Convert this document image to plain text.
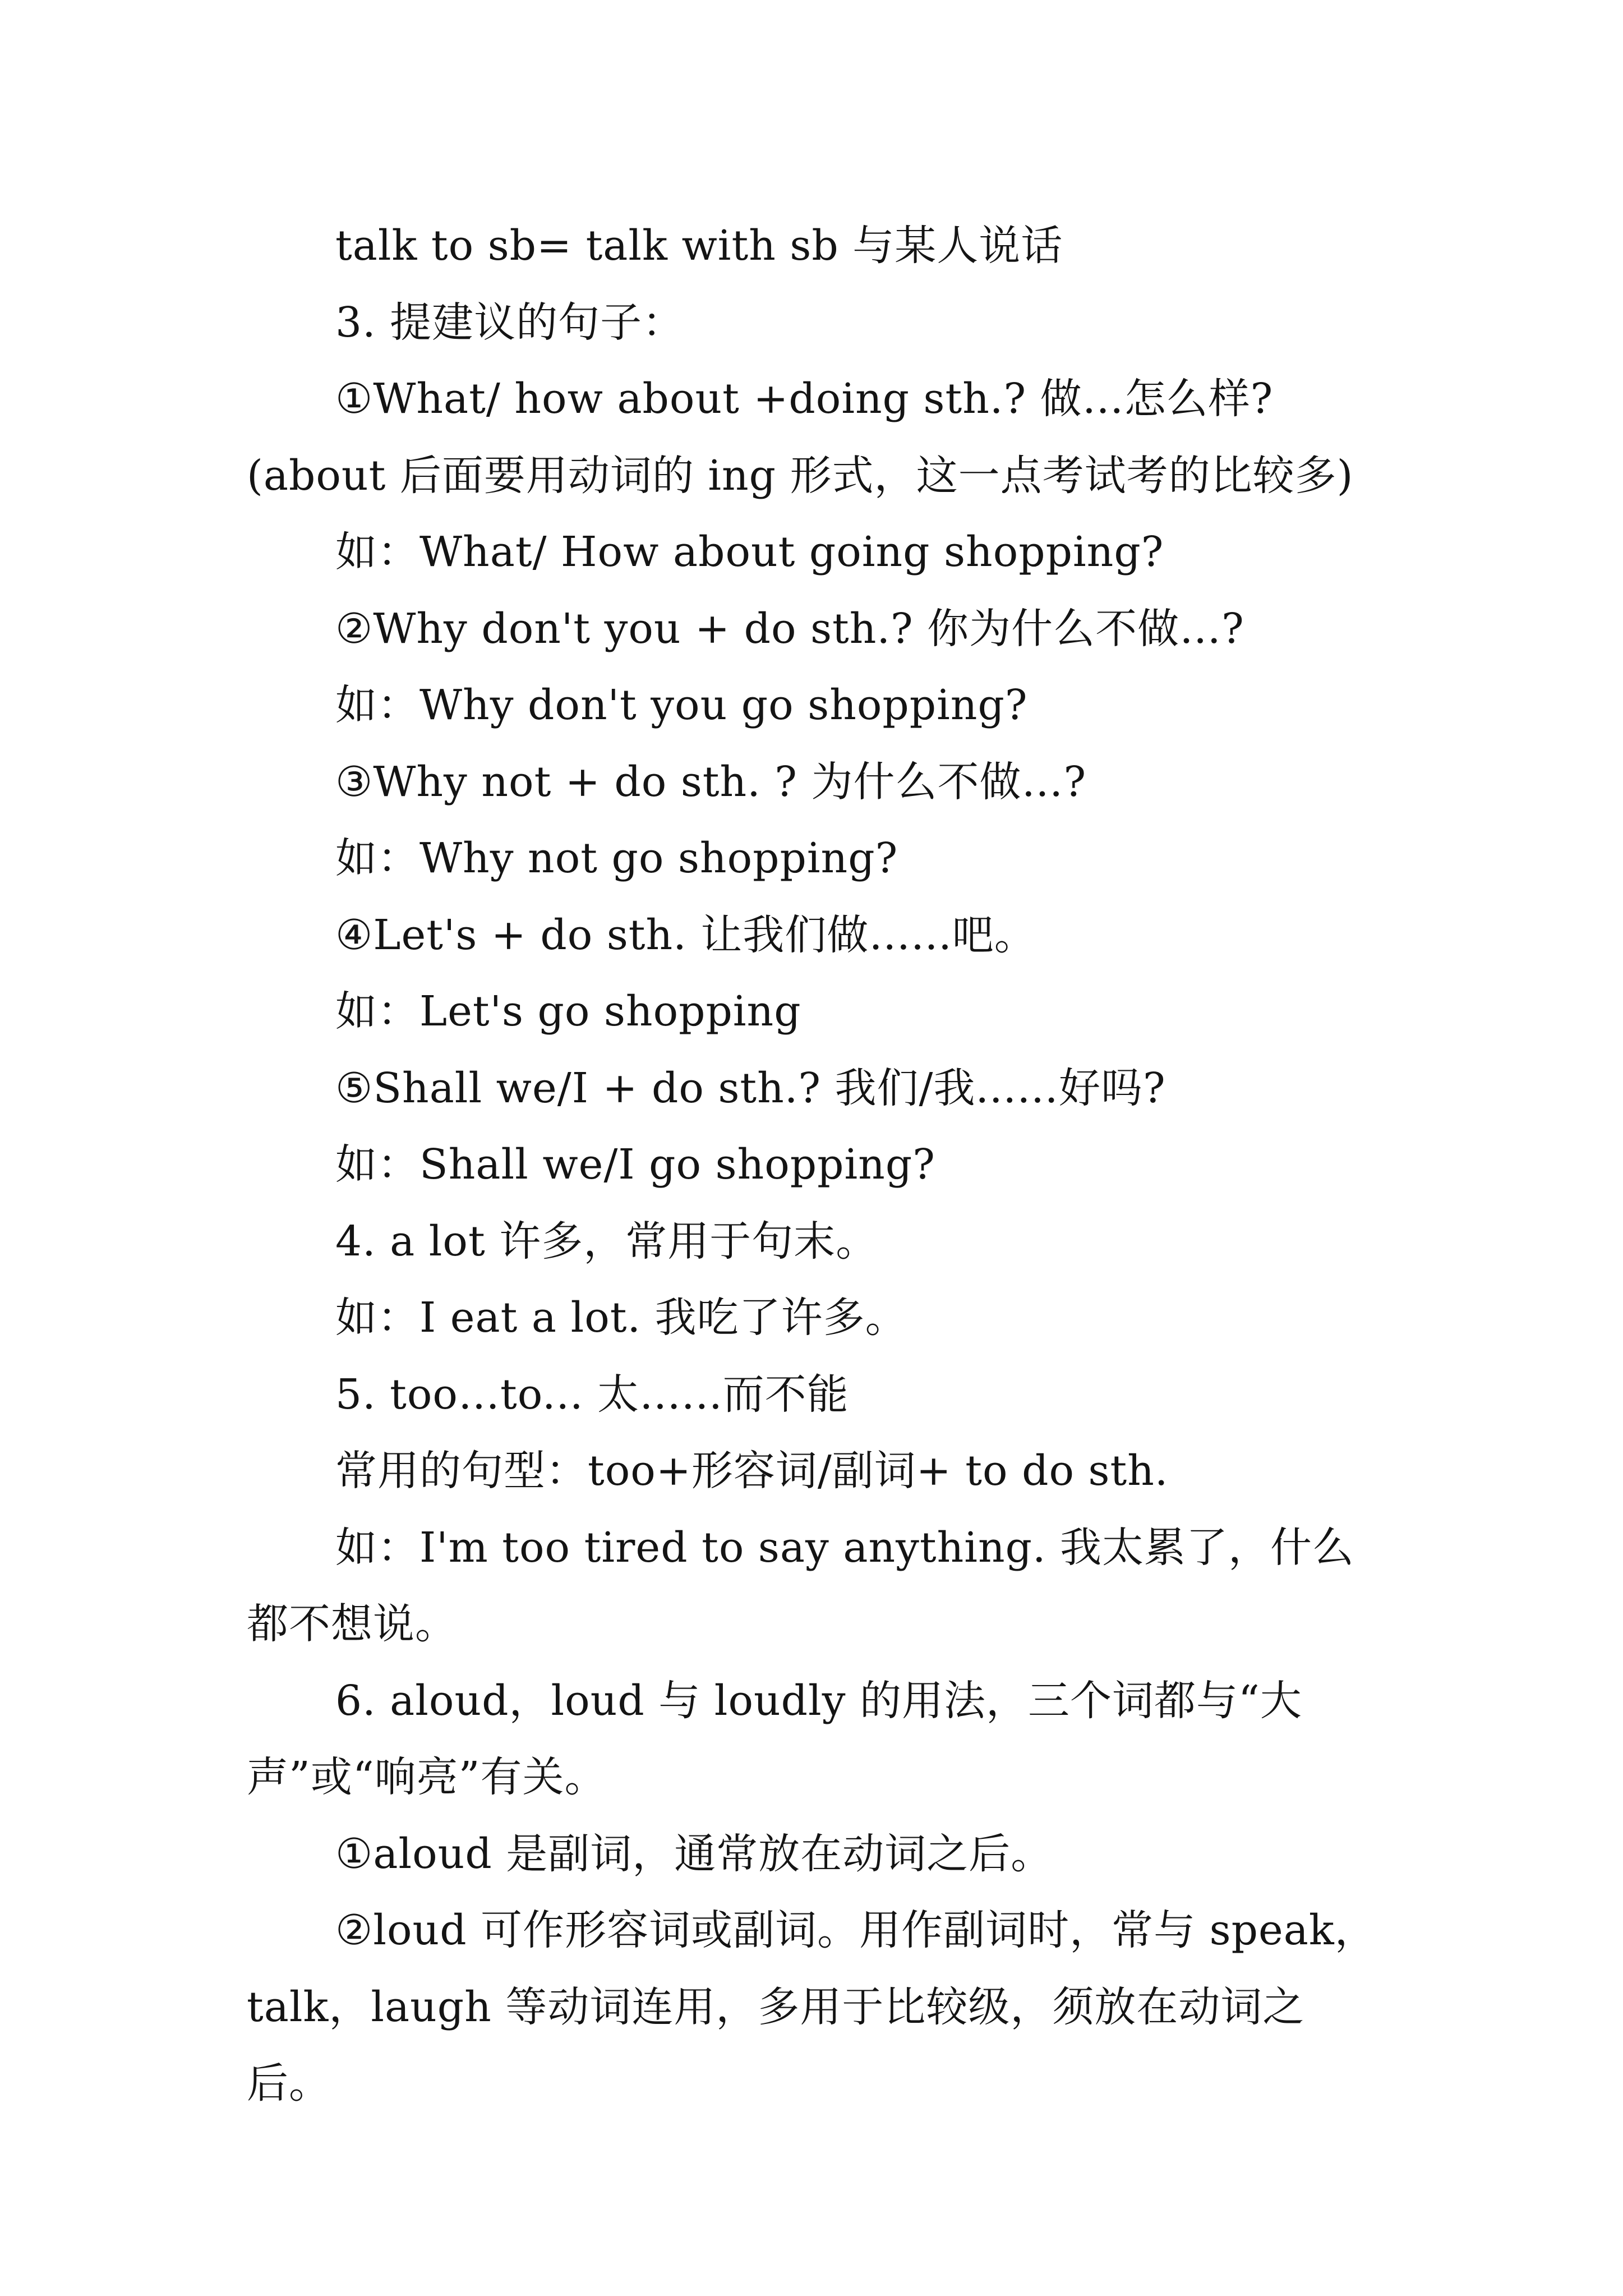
talk to sb= talk with sb 与某人说话
3. 提建议的句子：

①What/ how about +doing sth.? 做…怎么样?(about 后面要用动词的 ing 形式，这一点考试考的比较多)

如：What/ How about going shopping?
②Why don't you + do sth.? 你为什么不做…?
如：Why don't you go shopping?
③Why not + do sth. ? 为什么不做…?
如：Why not go shopping?
④Let's + do sth. 让我们做…...吧。
如：Let's go shopping
⑤Shall we/I + do sth.? 我们/我...…好吗?
如：Shall we/I go shopping?
4. a lot 许多，常用于句末。
如：I eat a lot. 我吃了许多。
5. too…to... 太…...而不能
常用的句型：too+形容词/副词+ to do sth.

如：I'm too tired to say anything. 我太累了，什么都不想说。

6. aloud，loud 与 loudly 的用法，三个词都与“大声”或“响亮”有关。

①aloud 是副词，通常放在动词之后。

②loud 可作形容词或副词。用作副词时，常与 speak，talk，laugh 等动词连用，多用于比较级，须放在动词之后。
